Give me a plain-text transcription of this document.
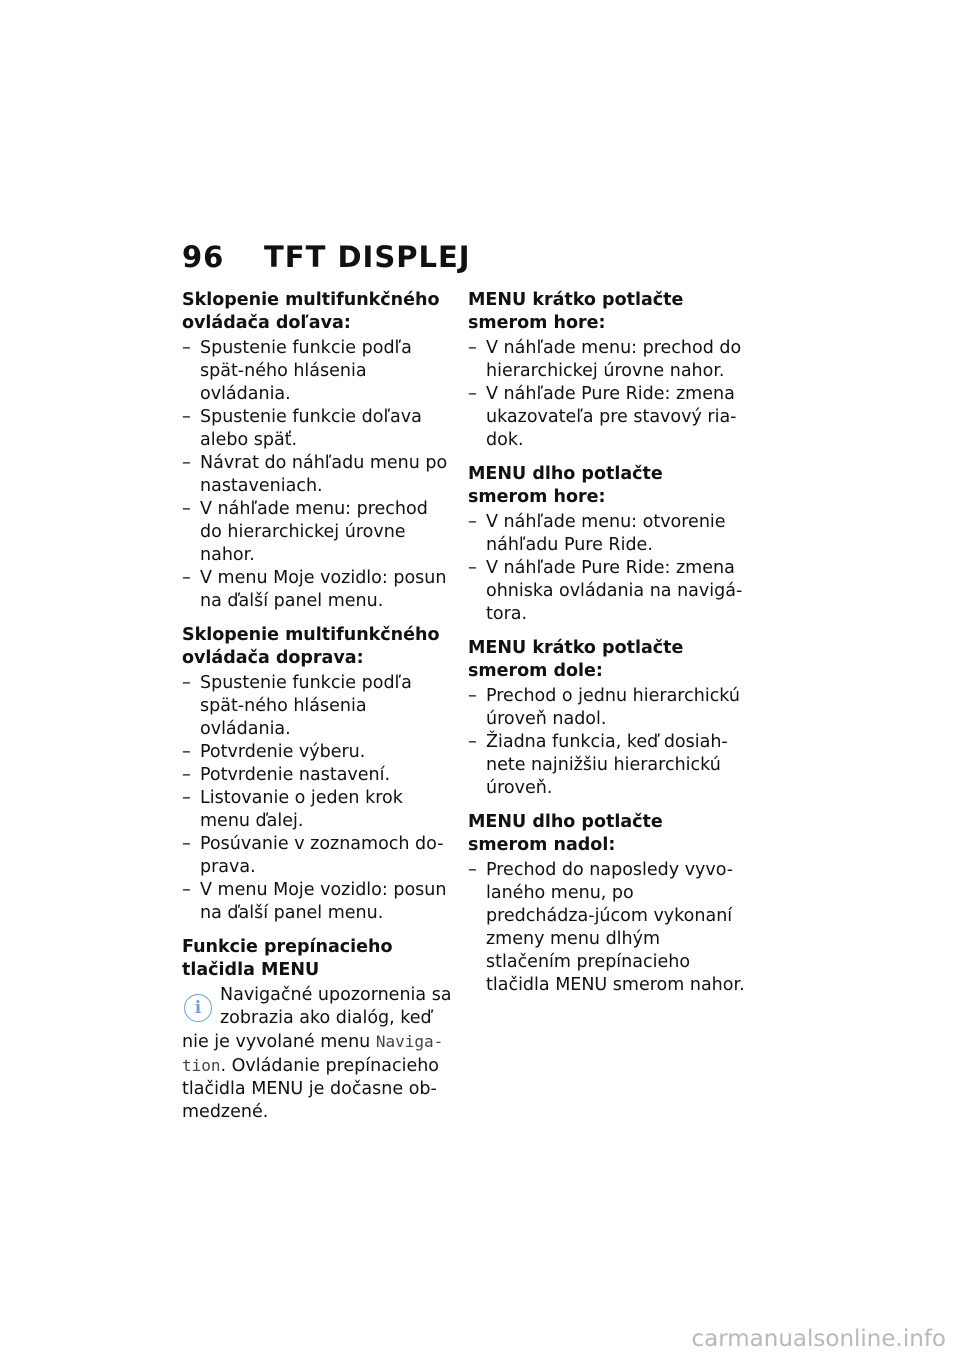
96 TFT DISPLEJ
Sklopenie multifunkčného ovládača doľava:
– Spustenie funkcie podľa spät-ného hlásenia ovládania.
– Spustenie funkcie doľava alebo späť.
– Návrat do náhľadu menu po nastaveniach.
– V náhľade menu: prechod do hierarchickej úrovne nahor.
– V menu Moje vozidlo: posun na ďalší panel menu.
Sklopenie multifunkčného ovládača doprava:
– Spustenie funkcie podľa spät-ného hlásenia ovládania.
– Potvrdenie výberu.
– Potvrdenie nastavení.
– Listovanie o jeden krok menu ďalej.
– Posúvanie v zoznamoch do-prava.
– V menu Moje vozidlo: posun na ďalší panel menu.
Funkcie prepínacieho tlačidla MENU

i
Navigačné upozornenia sa zobrazia ako dialóg, keď nie je vyvolané menu Naviga-tion. Ovládanie prepínacieho tlačidla MENU je dočasne ob-medzené.

MENU krátko potlačte smerom hore:
– V náhľade menu: prechod do hierarchickej úrovne nahor.
– V náhľade Pure Ride: zmena ukazovateľa pre stavový ria-dok.
MENU dlho potlačte smerom hore:
– V náhľade menu: otvorenie náhľadu Pure Ride.
– V náhľade Pure Ride: zmena ohniska ovládania na navigá-tora.
MENU krátko potlačte smerom dole:
– Prechod o jednu hierarchickú úroveň nadol.
– Žiadna funkcia, keď dosiah-nete najnižšiu hierarchickú úroveň.
MENU dlho potlačte smerom nadol:
– Prechod do naposledy vyvo-laného menu, po predchádza-júcom vykonaní zmeny menu dlhým stlačením prepínacieho tlačidla MENU smerom nahor.
carmanualsonline.info
